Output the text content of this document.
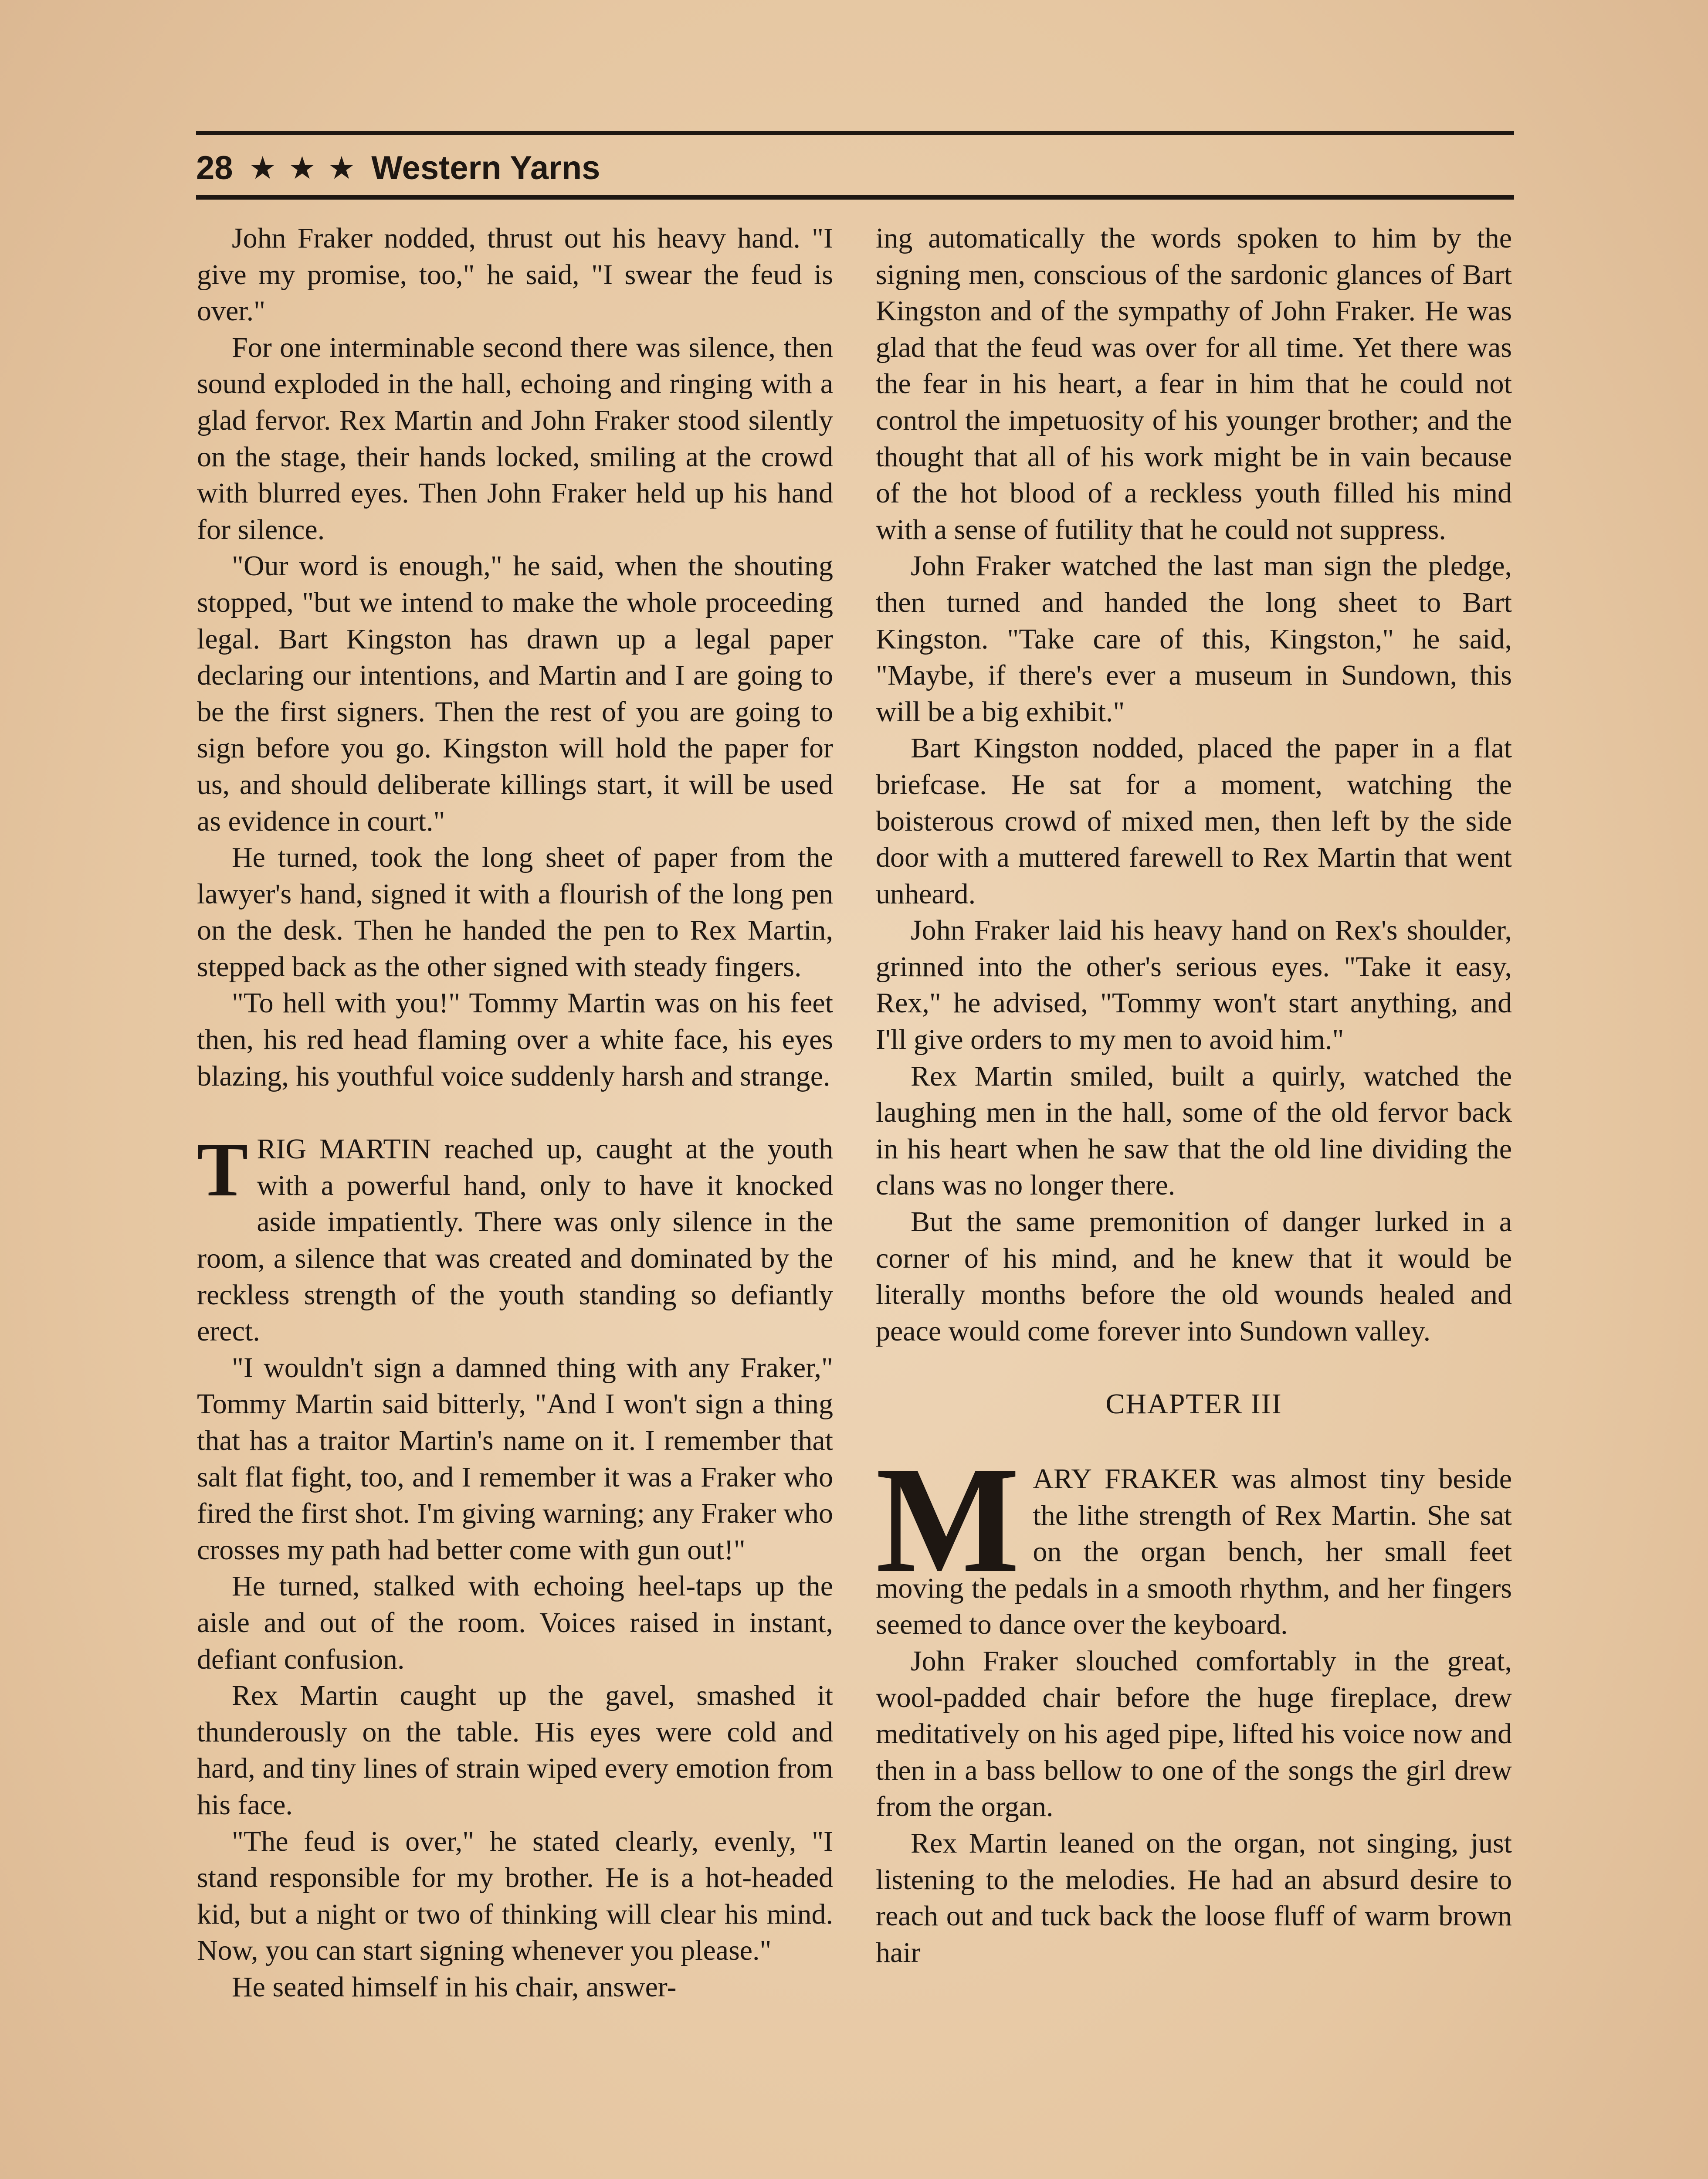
28 ★ ★ ★ Western Yarns

John Fraker nodded, thrust out his heavy hand. "I give my promise, too," he said, "I swear the feud is over."

For one interminable second there was silence, then sound exploded in the hall, echoing and ringing with a glad fervor. Rex Martin and John Fraker stood silently on the stage, their hands locked, smiling at the crowd with blurred eyes. Then John Fraker held up his hand for silence.

"Our word is enough," he said, when the shouting stopped, "but we intend to make the whole proceeding legal. Bart Kingston has drawn up a legal paper declaring our intentions, and Martin and I are going to be the first signers. Then the rest of you are going to sign before you go. Kingston will hold the paper for us, and should deliberate killings start, it will be used as evidence in court."

He turned, took the long sheet of paper from the lawyer's hand, signed it with a flourish of the long pen on the desk. Then he handed the pen to Rex Martin, stepped back as the other signed with steady fingers.

"To hell with you!" Tommy Martin was on his feet then, his red head flaming over a white face, his eyes blazing, his youthful voice suddenly harsh and strange.

TRIG MARTIN reached up, caught at the youth with a powerful hand, only to have it knocked aside impatiently. There was only silence in the room, a silence that was created and dominated by the reckless strength of the youth standing so defiantly erect.

"I wouldn't sign a damned thing with any Fraker," Tommy Martin said bitterly, "And I won't sign a thing that has a traitor Martin's name on it. I remember that salt flat fight, too, and I remember it was a Fraker who fired the first shot. I'm giving warning; any Fraker who crosses my path had better come with gun out!"

He turned, stalked with echoing heel-taps up the aisle and out of the room. Voices raised in instant, defiant confusion.

Rex Martin caught up the gavel, smashed it thunderously on the table. His eyes were cold and hard, and tiny lines of strain wiped every emotion from his face.

"The feud is over," he stated clearly, evenly, "I stand responsible for my brother. He is a hot-headed kid, but a night or two of thinking will clear his mind. Now, you can start signing whenever you please."

He seated himself in his chair, answer-

ing automatically the words spoken to him by the signing men, conscious of the sardonic glances of Bart Kingston and of the sympathy of John Fraker. He was glad that the feud was over for all time. Yet there was the fear in his heart, a fear in him that he could not control the impetuosity of his younger brother; and the thought that all of his work might be in vain because of the hot blood of a reckless youth filled his mind with a sense of futility that he could not suppress.

John Fraker watched the last man sign the pledge, then turned and handed the long sheet to Bart Kingston. "Take care of this, Kingston," he said, "Maybe, if there's ever a museum in Sundown, this will be a big exhibit."

Bart Kingston nodded, placed the paper in a flat briefcase. He sat for a moment, watching the boisterous crowd of mixed men, then left by the side door with a muttered farewell to Rex Martin that went unheard.

John Fraker laid his heavy hand on Rex's shoulder, grinned into the other's serious eyes. "Take it easy, Rex," he advised, "Tommy won't start anything, and I'll give orders to my men to avoid him."

Rex Martin smiled, built a quirly, watched the laughing men in the hall, some of the old fervor back in his heart when he saw that the old line dividing the clans was no longer there.

But the same premonition of danger lurked in a corner of his mind, and he knew that it would be literally months before the old wounds healed and peace would come forever into Sundown valley.

CHAPTER III

MARY FRAKER was almost tiny beside the lithe strength of Rex Martin. She sat on the organ bench, her small feet moving the pedals in a smooth rhythm, and her fingers seemed to dance over the keyboard.

John Fraker slouched comfortably in the great, wool-padded chair before the huge fireplace, drew meditatively on his aged pipe, lifted his voice now and then in a bass bellow to one of the songs the girl drew from the organ.

Rex Martin leaned on the organ, not singing, just listening to the melodies. He had an absurd desire to reach out and tuck back the loose fluff of warm brown hair
